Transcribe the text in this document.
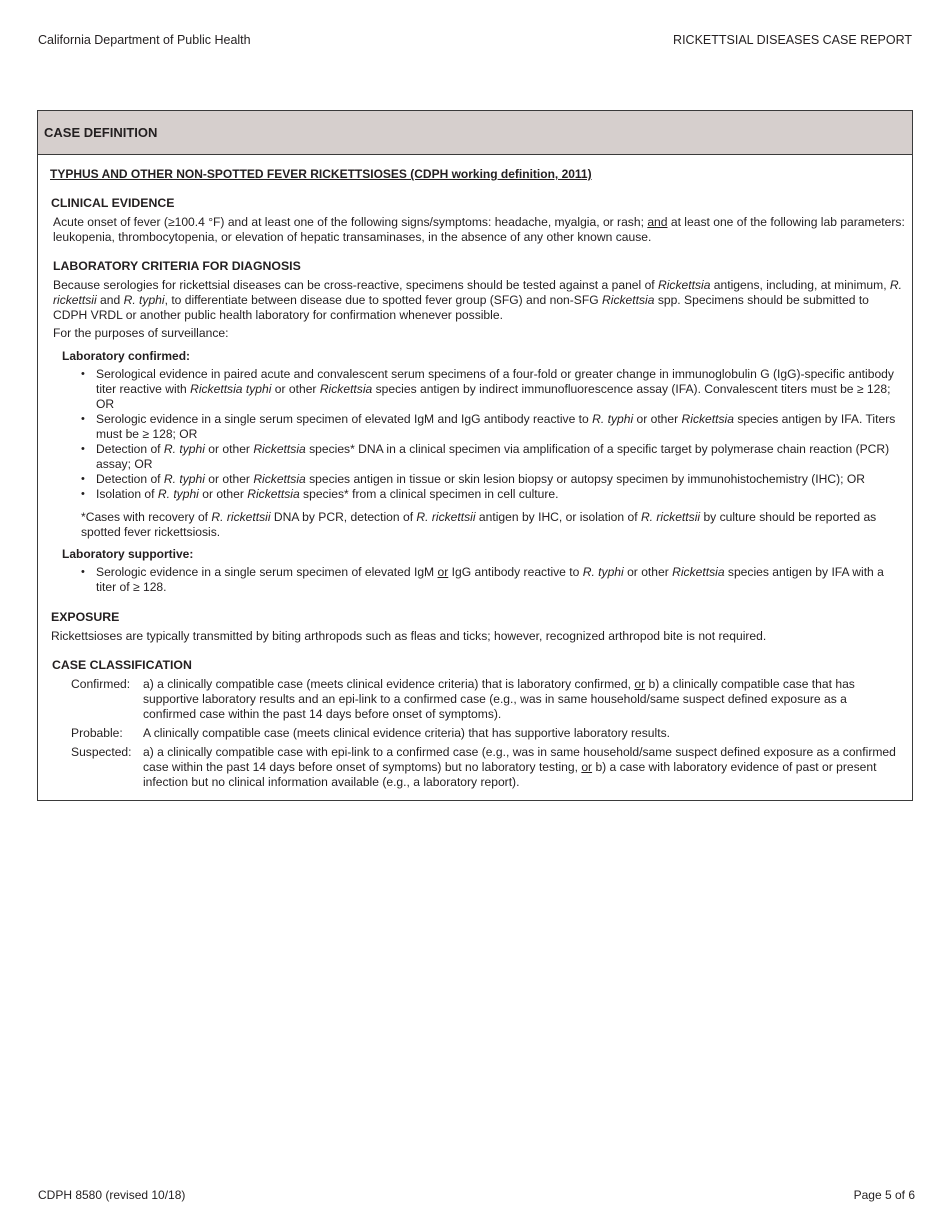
California Department of Public Health	RICKETTSIAL DISEASES CASE REPORT
CASE DEFINITION
TYPHUS AND OTHER NON-SPOTTED FEVER RICKETTSIOSES (CDPH working definition, 2011)
CLINICAL EVIDENCE
Acute onset of fever (≥100.4 °F) and at least one of the following signs/symptoms: headache, myalgia, or rash; and at least one of the following lab parameters: leukopenia, thrombocytopenia, or elevation of hepatic transaminases, in the absence of any other known cause.
LABORATORY CRITERIA FOR DIAGNOSIS
Because serologies for rickettsial diseases can be cross-reactive, specimens should be tested against a panel of Rickettsia antigens, including, at minimum, R. rickettsii and R. typhi, to differentiate between disease due to spotted fever group (SFG) and non-SFG Rickettsia spp. Specimens should be submitted to CDPH VRDL or another public health laboratory for confirmation whenever possible.
For the purposes of surveillance:
Laboratory confirmed:
• Serological evidence in paired acute and convalescent serum specimens of a four-fold or greater change in immunoglobulin G (IgG)-specific antibody titer reactive with Rickettsia typhi or other Rickettsia species antigen by indirect immunofluorescence assay (IFA). Convalescent titers must be ≥ 128; OR
• Serologic evidence in a single serum specimen of elevated IgM and IgG antibody reactive to R. typhi or other Rickettsia species antigen by IFA. Titers must be ≥ 128; OR
• Detection of R. typhi or other Rickettsia species* DNA in a clinical specimen via amplification of a specific target by polymerase chain reaction (PCR) assay; OR
• Detection of R. typhi or other Rickettsia species antigen in tissue or skin lesion biopsy or autopsy specimen by immunohistochemistry (IHC); OR
• Isolation of R. typhi or other Rickettsia species* from a clinical specimen in cell culture.
*Cases with recovery of R. rickettsii DNA by PCR, detection of R. rickettsii antigen by IHC, or isolation of R. rickettsii by culture should be reported as spotted fever rickettsiosis.
Laboratory supportive:
• Serologic evidence in a single serum specimen of elevated IgM or IgG antibody reactive to R. typhi or other Rickettsia species antigen by IFA with a titer of ≥ 128.
EXPOSURE
Rickettsioses are typically transmitted by biting arthropods such as fleas and ticks; however, recognized arthropod bite is not required.
CASE CLASSIFICATION
Confirmed:	a) a clinically compatible case (meets clinical evidence criteria) that is laboratory confirmed, or b) a clinically compatible case that has supportive laboratory results and an epi-link to a confirmed case (e.g., was in same household/same suspect defined exposure as a confirmed case within the past 14 days before onset of symptoms).
Probable:	A clinically compatible case (meets clinical evidence criteria) that has supportive laboratory results.
Suspected: a) a clinically compatible case with epi-link to a confirmed case (e.g., was in same household/same suspect defined exposure as a confirmed case within the past 14 days before onset of symptoms) but no laboratory testing, or b) a case with laboratory evidence of past or present infection but no clinical information available (e.g., a laboratory report).
CDPH 8580 (revised 10/18)	Page 5 of 6
